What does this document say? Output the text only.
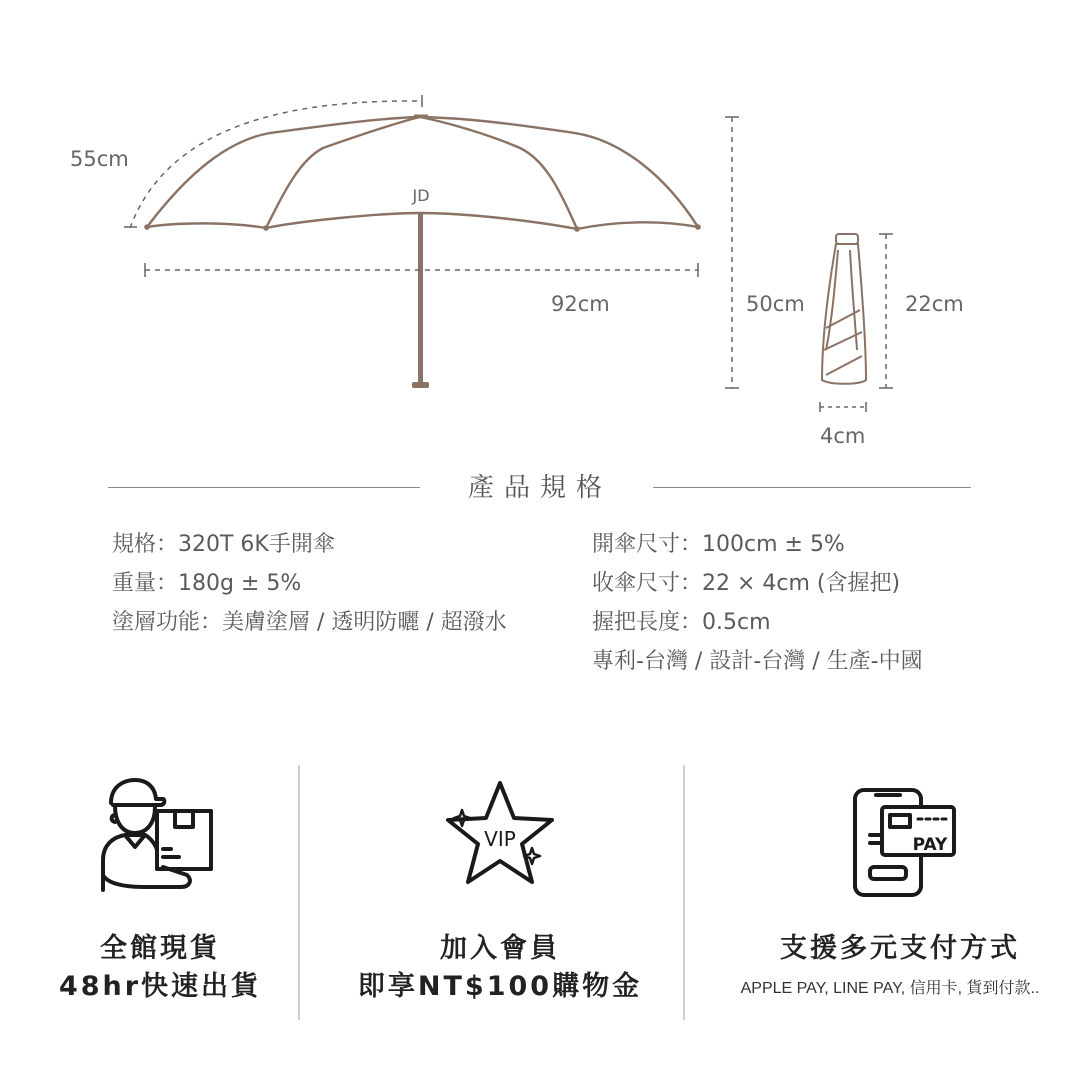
JD
55cm
92cm	50cm	22cm
4cm
產品規格
規格：320T 6K手開傘
重量：180g ± 5%
塗層功能：美膚塗層 / 透明防曬 / 超潑水
開傘尺寸：100cm ± 5%
收傘尺寸：22 × 4cm (含握把)
握把長度：0.5cm
專利-台灣 / 設計-台灣 / 生產-中國
全館現貨
48hr快速出貨
VIP
加入會員
即享NT$100購物金
PAY
支援多元支付方式
APPLE PAY, LINE PAY, 信用卡, 貨到付款..
